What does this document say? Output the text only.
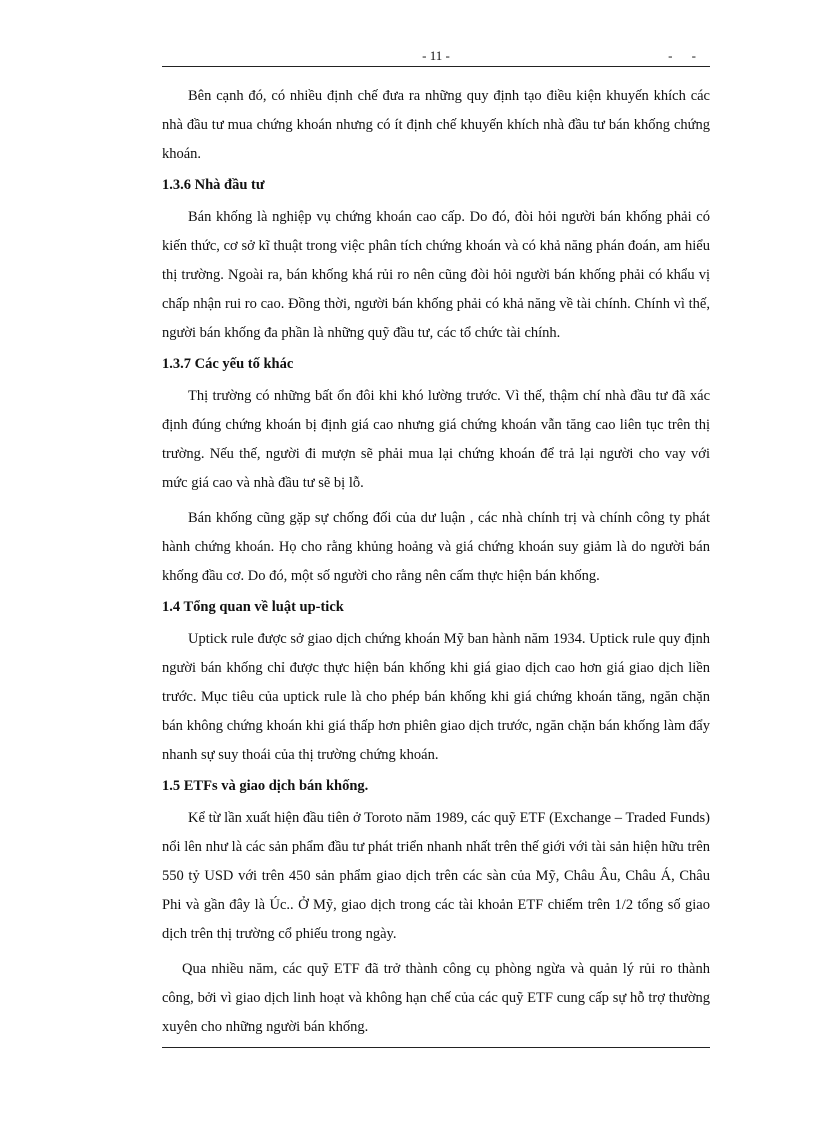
- 11 -	- -

Bên cạnh đó, có nhiều định chế đưa ra những quy định tạo điều kiện khuyến khích các nhà đầu tư mua chứng khoán nhưng có ít định chế khuyến khích nhà đầu tư bán khống chứng khoán.

1.3.6 Nhà đầu tư

Bán khống là nghiệp vụ chứng khoán cao cấp. Do đó, đòi hỏi người bán khống phải có kiến thức, cơ sở kĩ thuật trong việc phân tích chứng khoán và có khả năng phán đoán, am hiểu thị trường. Ngoài ra, bán khống khá rủi ro nên cũng đòi hỏi người bán khống phải có khẩu vị chấp nhận rui ro cao. Đồng thời, người bán khống phải có khả năng về tài chính. Chính vì thế, người bán khống đa phần là những quỹ đầu tư, các tổ chức tài chính.

1.3.7 Các yếu tố khác

Thị trường có những bất ổn đôi khi khó lường trước. Vì thế, thậm chí nhà đầu tư đã xác định đúng chứng khoán bị định giá cao nhưng giá chứng khoán vẫn tăng cao liên tục trên thị trường. Nếu thế, người đi mượn sẽ phải mua lại chứng khoán để trả lại người cho vay với mức giá cao và nhà đầu tư sẽ bị lỗ.

Bán khống cũng gặp sự chống đối của dư luận , các nhà chính trị và chính công ty phát hành chứng khoán. Họ cho rằng khủng hoảng và giá chứng khoán suy giảm là do người bán khống đầu cơ. Do đó, một số người cho rằng nên cấm thực hiện bán khống.

1.4 Tổng quan về luật up-tick

Uptick rule được sở giao dịch chứng khoán Mỹ ban hành năm 1934. Uptick rule quy định người bán khống chỉ được thực hiện bán khống khi giá giao dịch cao hơn giá giao dịch liền trước. Mục tiêu của uptick rule là cho phép bán khống khi giá chứng khoán tăng, ngăn chặn bán không chứng khoán khi giá thấp hơn phiên giao dịch trước, ngăn chặn bán khống làm đẩy nhanh sự suy thoái của thị trường chứng khoán.

1.5 ETFs và giao dịch bán khống.

Kể từ lần xuất hiện đầu tiên ở Toroto năm 1989, các quỹ ETF (Exchange – Traded Funds) nổi lên như là các sản phẩm đầu tư phát triển nhanh nhất trên thế giới với tài sản hiện hữu trên 550 tỷ USD với trên 450 sản phẩm giao dịch trên các sàn của Mỹ, Châu Âu, Châu Á, Châu Phi và gần đây là Úc.. Ở Mỹ, giao dịch trong các tài khoản ETF chiếm trên 1/2 tổng số giao dịch trên thị trường cổ phiếu trong ngày.

Qua nhiều năm, các quỹ ETF đã trở thành công cụ phòng ngừa và quản lý rủi ro thành công, bởi vì giao dịch linh hoạt và không hạn chế của các quỹ ETF cung cấp sự hỗ trợ thường xuyên cho những người bán khống.
